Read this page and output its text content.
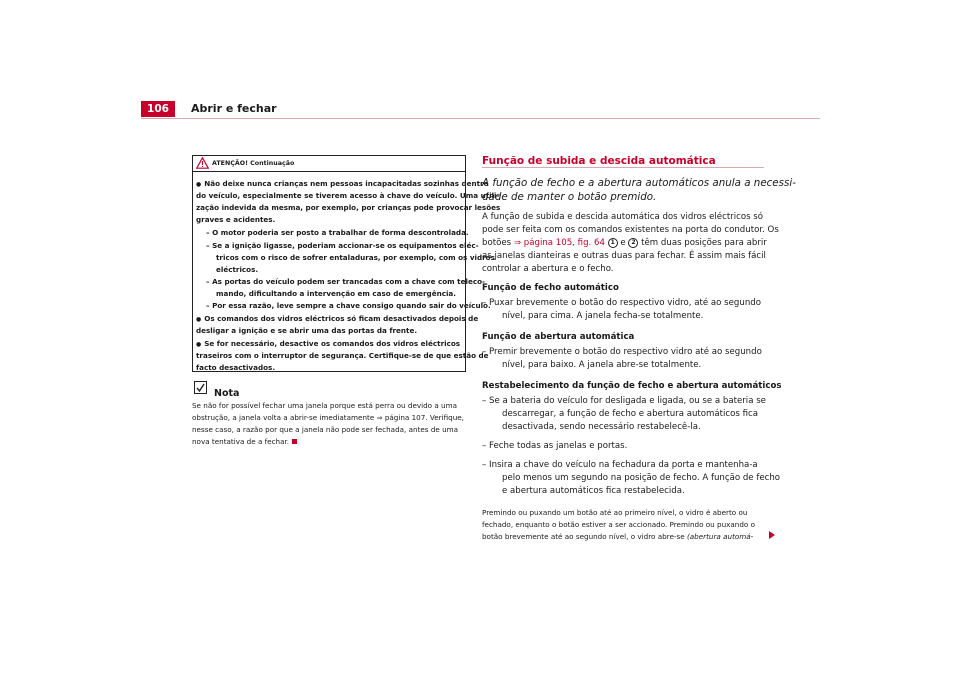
106	Abrir e fechar
ATENÇÃO! Continuação

● Não deixe nunca crianças nem pessoas incapacitadas sozinhas dentro

do veículo, especialmente se tiverem acesso à chave do veículo. Uma utili-

zação indevida da mesma, por exemplo, por crianças pode provocar lesões

graves e acidentes.

– O motor poderia ser posto a trabalhar de forma descontrolada.

– Se a ignição ligasse, poderiam accionar-se os equipamentos eléc-

tricos com o risco de sofrer entaladuras, por exemplo, com os vidros

eléctricos.

– As portas do veículo podem ser trancadas com a chave com teleco-

mando, dificultando a intervenção em caso de emergência.

– Por essa razão, leve sempre a chave consigo quando sair do veículo.

● Os comandos dos vidros eléctricos só ficam desactivados depois de

desligar a ignição e se abrir uma das portas da frente.

● Se for necessário, desactive os comandos dos vidros eléctricos

traseiros com o interruptor de segurança. Certifique-se de que estão de

facto desactivados.

Nota

Se não for possível fechar uma janela porque está perra ou devido a uma

obstrução, a janela volta a abrir-se imediatamente ⇒ página 107. Verifique,

nesse caso, a razão por que a janela não pode ser fechada, antes de uma

nova tentativa de a fechar.

Função de subida e descida automática

A função de fecho e a abertura automáticos anula a necessi-

dade de manter o botão premido.

A função de subida e descida automática dos vidros eléctricos só

pode ser feita com os comandos existentes na porta do condutor. Os

botões ⇒ página 105, fig. 64 1 e 2 têm duas posições para abrir

as janelas dianteiras e outras duas para fechar. É assim mais fácil

controlar a abertura e o fecho.

Função de fecho automático

– Puxar brevemente o botão do respectivo vidro, até ao segundo

nível, para cima. A janela fecha-se totalmente.

Função de abertura automática

– Premir brevemente o botão do respectivo vidro até ao segundo

nível, para baixo. A janela abre-se totalmente.

Restabelecimento da função de fecho e abertura automáticos

– Se a bateria do veículo for desligada e ligada, ou se a bateria se

descarregar, a função de fecho e abertura automáticos fica

desactivada, sendo necessário restabelecê-la.

– Feche todas as janelas e portas.

– Insira a chave do veículo na fechadura da porta e mantenha-a

pelo menos um segundo na posição de fecho. A função de fecho

e abertura automáticos fica restabelecida.

Premindo ou puxando um botão até ao primeiro nível, o vidro é aberto ou

fechado, enquanto o botão estiver a ser accionado. Premindo ou puxando o

botão brevemente até ao segundo nível, o vidro abre-se (abertura automá-
